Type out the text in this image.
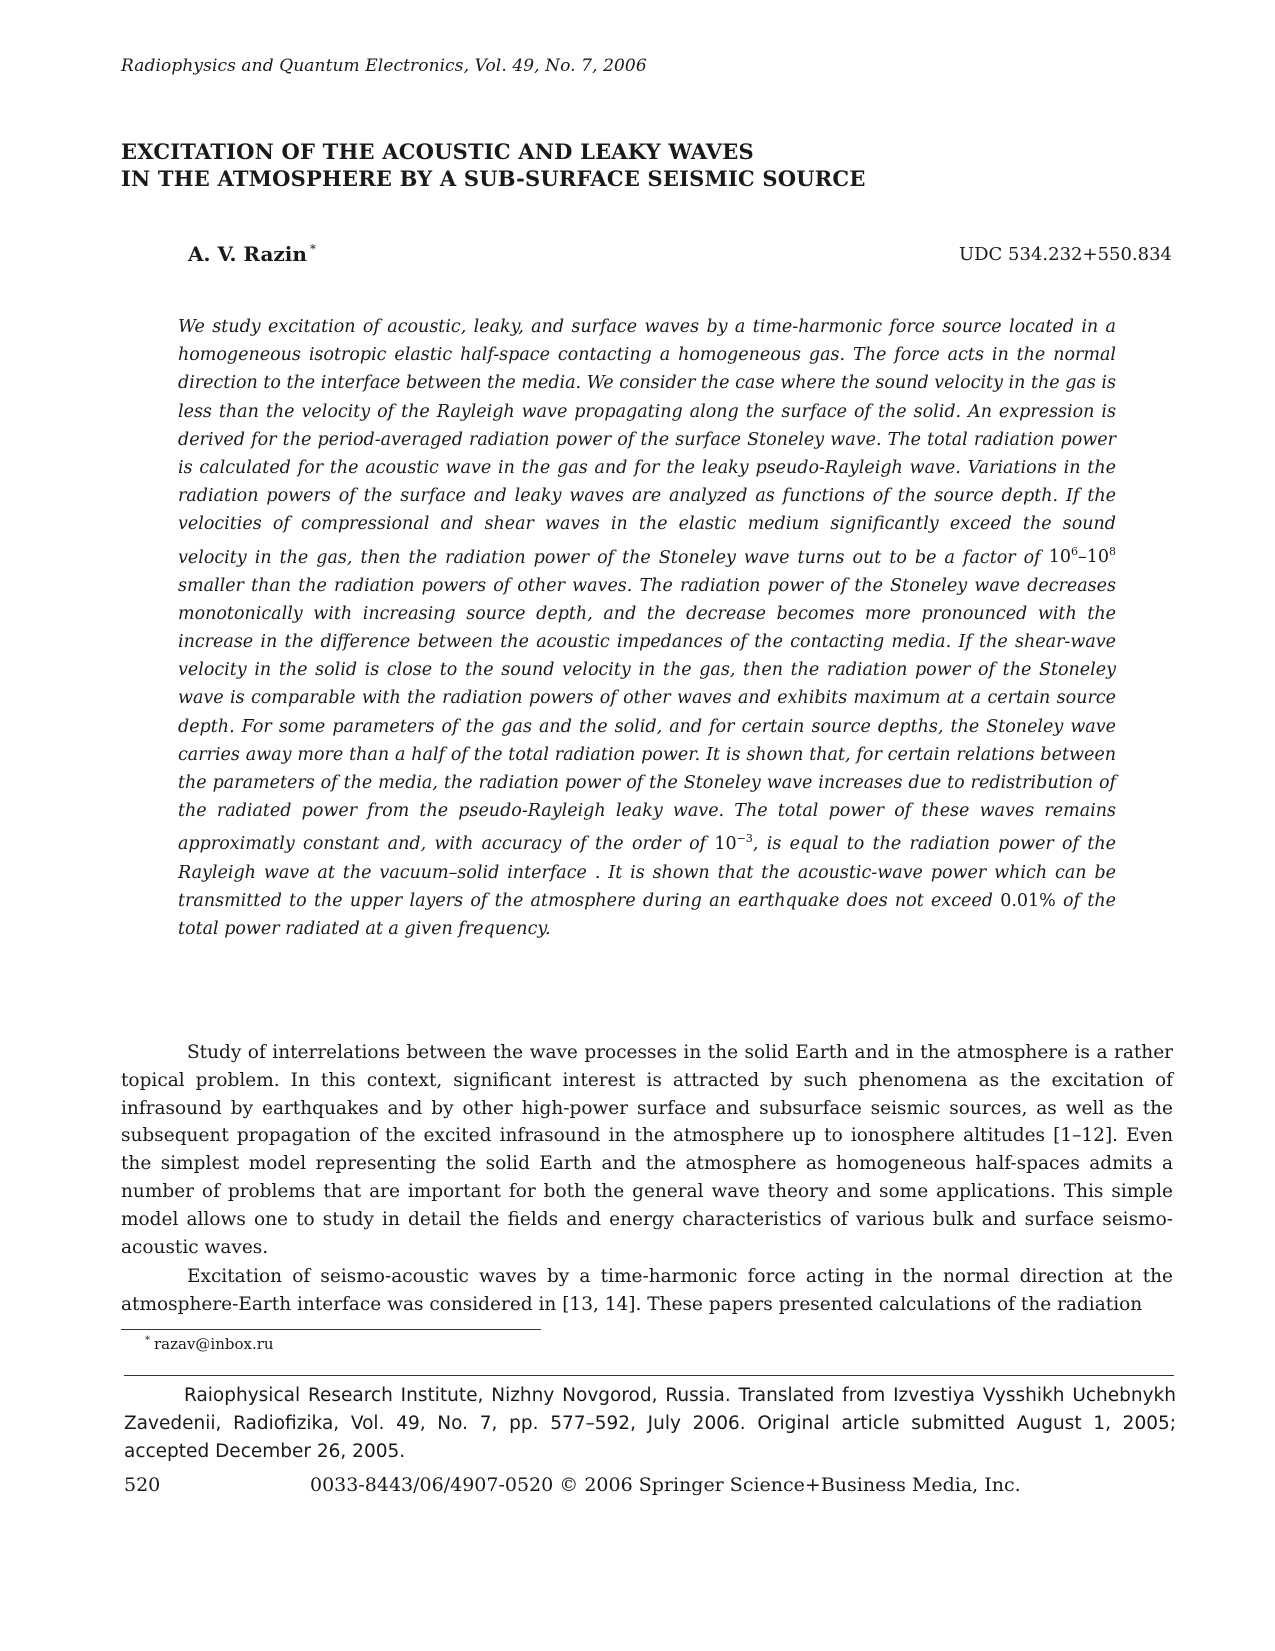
Radiophysics and Quantum Electronics, Vol. 49, No. 7, 2006
EXCITATION OF THE ACOUSTIC AND LEAKY WAVES
IN THE ATMOSPHERE BY A SUB-SURFACE SEISMIC SOURCE
A. V. Razin *	UDC 534.232+550.834
We study excitation of acoustic, leaky, and surface waves by a time-harmonic force source located in a homogeneous isotropic elastic half-space contacting a homogeneous gas. The force acts in the normal direction to the interface between the media. We consider the case where the sound velocity in the gas is less than the velocity of the Rayleigh wave propagating along the surface of the solid. An expression is derived for the period-averaged radiation power of the surface Stoneley wave. The total radiation power is calculated for the acoustic wave in the gas and for the leaky pseudo-Rayleigh wave. Variations in the radiation powers of the surface and leaky waves are analyzed as functions of the source depth. If the velocities of compressional and shear waves in the elastic medium significantly exceed the sound velocity in the gas, then the radiation power of the Stoneley wave turns out to be a factor of $10^6-10^8$ smaller than the radiation powers of other waves. The radiation power of the Stoneley wave decreases monotonically with increasing source depth, and the decrease becomes more pronounced with the increase in the difference between the acoustic impedances of the contacting media. If the shear-wave velocity in the solid is close to the sound velocity in the gas, then the radiation power of the Stoneley wave is comparable with the radiation powers of other waves and exhibits maximum at a certain source depth. For some parameters of the gas and the solid, and for certain source depths, the Stoneley wave carries away more than a half of the total radiation power. It is shown that, for certain relations between the parameters of the media, the radiation power of the Stoneley wave increases due to redistribution of the radiated power from the pseudo-Rayleigh leaky wave. The total power of these waves remains approximatly constant and, with accuracy of the order of $10^{-3}$, is equal to the radiation power of the Rayleigh wave at the vacuum–solid interface . It is shown that the acoustic-wave power which can be transmitted to the upper layers of the atmosphere during an earthquake does not exceed 0.01% of the total power radiated at a given frequency.

Study of interrelations between the wave processes in the solid Earth and in the atmosphere is a rather topical problem. In this context, significant interest is attracted by such phenomena as the excitation of infrasound by earthquakes and by other high-power surface and subsurface seismic sources, as well as the subsequent propagation of the excited infrasound in the atmosphere up to ionosphere altitudes [1–12]. Even the simplest model representing the solid Earth and the atmosphere as homogeneous half-spaces admits a number of problems that are important for both the general wave theory and some applications. This simple model allows one to study in detail the fields and energy characteristics of various bulk and surface seismo-acoustic waves.

Excitation of seismo-acoustic waves by a time-harmonic force acting in the normal direction at the atmosphere-Earth interface was considered in [13, 14]. These papers presented calculations of the radiation

* razav@inbox.ru
Raiophysical Research Institute, Nizhny Novgorod, Russia. Translated from Izvestiya Vysshikh Uchebnykh Zavedenii, Radiofizika, Vol. 49, No. 7, pp. 577–592, July 2006. Original article submitted August 1, 2005; accepted December 26, 2005.
520	0033-8443/06/4907-0520 © 2006 Springer Science+Business Media, Inc.
